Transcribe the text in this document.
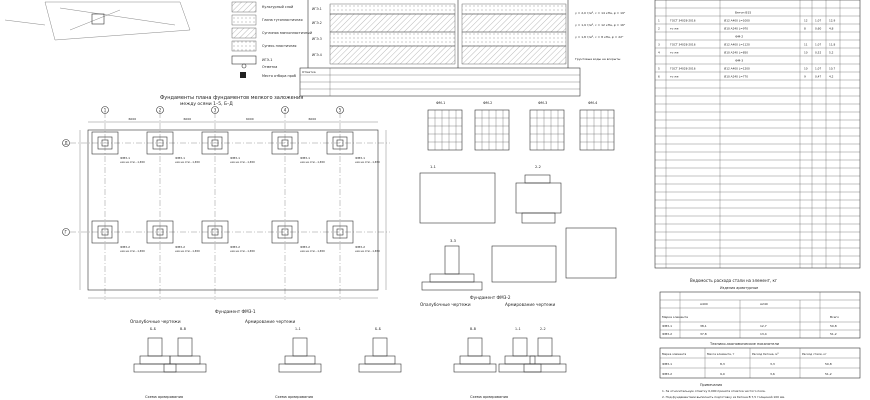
Культурный слой
Глина тугопластичная
Суглинок мягкопластичный
Супесь пластичная
ИГЭ-1
Отметка
Место отбора проб
ИГЭ-1
ИГЭ-2
ИГЭ-3
ИГЭ-4
γ = 2,0 т/м³, c = 14 кПа, φ = 19°
γ = 1,9 т/м³, c = 12 кПа, φ = 16°
γ = 1,8 т/м³, c = 8 кПа, φ = 22°
Грунтовые воды не вскрыты
Отметка
Фундаменты плана фундаментов мелкого заложения
между осями 1–5, Б–Д
1	2	3	4	5
Д
Г
6000	6000	6000	6000
ФМ3-1
низ на отм. -1,650
ФМ3-2
низ на отм. -1,650
ФМ3-1
низ на отм. -1,650
ФМ3-2
низ на отм. -1,650
ФМ3-1
низ на отм. -1,650
ФМ3-2
низ на отм. -1,650
ФМ3-1
низ на отм. -1,650
ФМ3-2
низ на отм. -1,650
ФМ3-1
низ на отм. -1,650
ФМ3-2
низ на отм. -1,650
ФМ-1	ФМ-2	ФМ-3	ФМ-4
1-1	2-2
3-3
Фундамент ФМ3-2
Фундамент ФМ3-1
Опалубочные чертежи	Армирование чертежи
Опалубочные чертежи	Армирование чертежи
Б–Б	В–В	1–1	Б–Б	В–В	1–1	2–2
Схема армирования	Схема армирования	Схема армирования
Бетон В15
1	ГОСТ 34028-2016	Ø12 А400 L=1000	12	1,07	12,9
2	то же	Ø10 А240 L=970	8	0,60	4,8
ФМ-2
3	ГОСТ 34028-2016	Ø12 А400 L=1120	11	1,07	11,8
4	то же	Ø10 А240 L=850	10	0,52	5,2
ФМ-3
5	ГОСТ 34028-2016	Ø12 А400 L=1200	10	1,07	10,7
6	то же	Ø10 А240 L=770	9	0,47	4,2
Ведомость расхода стали на элемент, кг
Изделия арматурные
Марка элемента
А400	А240
Всего
ФМ3-1	38,1	12,7	50,8
ФМ3-2	37,8	13,4	51,2
Технико-экономические показатели
Марка элемента	Масса элемента, т	Расход бетона, м³	Расход стали, кг
ФМ3-1	8,3	3,3	50,8
ФМ3-2	9,0	3,6	51,2
Примечания
1. За относительную отметку 0,000 принята отметка чистого пола.
2. Под фундаментами выполнить подготовку из бетона В 7,5 толщиной 100 мм.
